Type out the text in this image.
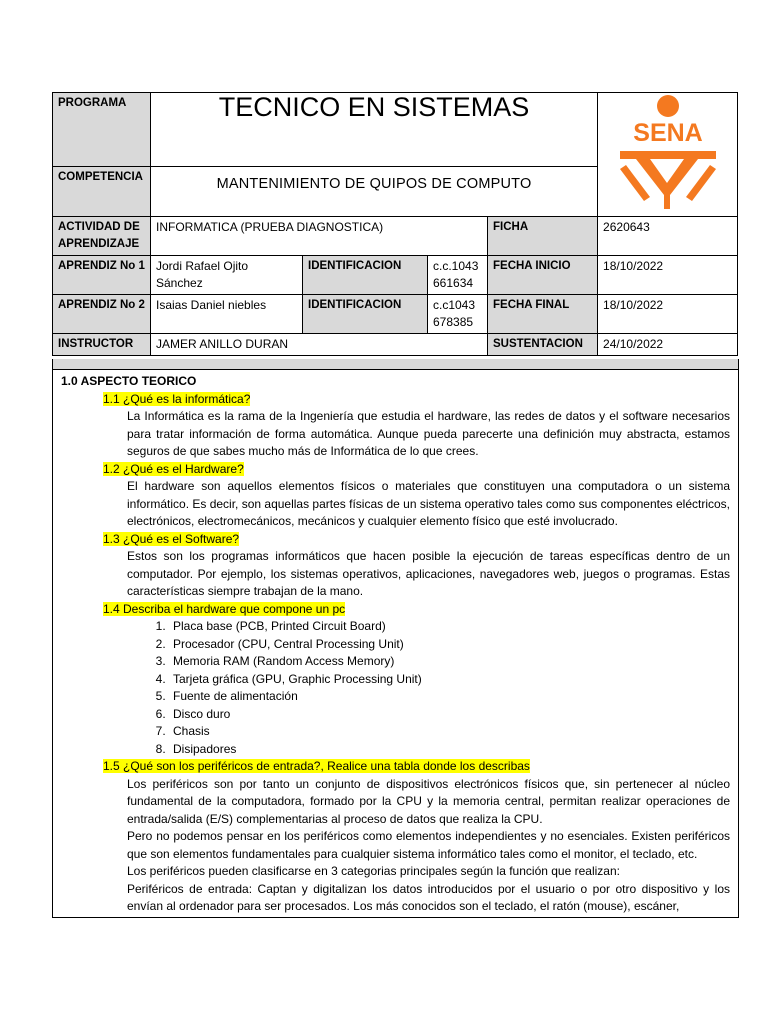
PROGRAMA	TECNICO EN SISTEMAS				SENA

COMPETENCIA	MANTENIMIENTO DE QUIPOS DE COMPUTO				
ACTIVIDAD DE APRENDIZAJE	INFORMATICA (PRUEBA DIAGNOSTICA)			FICHA	2620643
APRENDIZ No 1	Jordi Rafael Ojito Sánchez	IDENTIFICACION	c.c.1043 661634	FECHA INICIO	18/10/2022
APRENDIZ No 2	Isaias Daniel niebles	IDENTIFICACION	c.c1043 678385	FECHA FINAL	18/10/2022
INSTRUCTOR	JAMER ANILLO DURAN			SUSTENTACION	24/10/2022
1.0 ASPECTO TEORICO
1.1 ¿Qué es la informática?
La Informática es la rama de la Ingeniería que estudia el hardware, las redes de datos y el software necesarios para tratar información de forma automática. Aunque pueda parecerte una definición muy abstracta, estamos seguros de que sabes mucho más de Informática de lo que crees.
1.2 ¿Qué es el Hardware?
El hardware son aquellos elementos físicos o materiales que constituyen una computadora o un sistema informático. Es decir, son aquellas partes físicas de un sistema operativo tales como sus componentes eléctricos, electrónicos, electromecánicos, mecánicos y cualquier elemento físico que esté involucrado.
1.3 ¿Qué es el Software?
Estos son los programas informáticos que hacen posible la ejecución de tareas específicas dentro de un computador. Por ejemplo, los sistemas operativos, aplicaciones, navegadores web, juegos o programas. Estas características siempre trabajan de la mano.
1.4 Describa el hardware que compone un pc
1. Placa base (PCB, Printed Circuit Board)
2. Procesador (CPU, Central Processing Unit)
3. Memoria RAM (Random Access Memory)
4. Tarjeta gráfica (GPU, Graphic Processing Unit)
5. Fuente de alimentación
6. Disco duro
7. Chasis
8. Disipadores
1.5 ¿Qué son los periféricos de entrada?, Realice una tabla donde los describas
Los periféricos son por tanto un conjunto de dispositivos electrónicos físicos que, sin pertenecer al núcleo fundamental de la computadora, formado por la CPU y la memoria central, permitan realizar operaciones de entrada/salida (E/S) complementarias al proceso de datos que realiza la CPU.
Pero no podemos pensar en los periféricos como elementos independientes y no esenciales. Existen periféricos que son elementos fundamentales para cualquier sistema informático tales como el monitor, el teclado, etc.
Los periféricos pueden clasificarse en 3 categorias principales según la función que realizan:
Periféricos de entrada: Captan y digitalizan los datos introducidos por el usuario o por otro dispositivo y los envían al ordenador para ser procesados. Los más conocidos son el teclado, el ratón (mouse), escáner,
